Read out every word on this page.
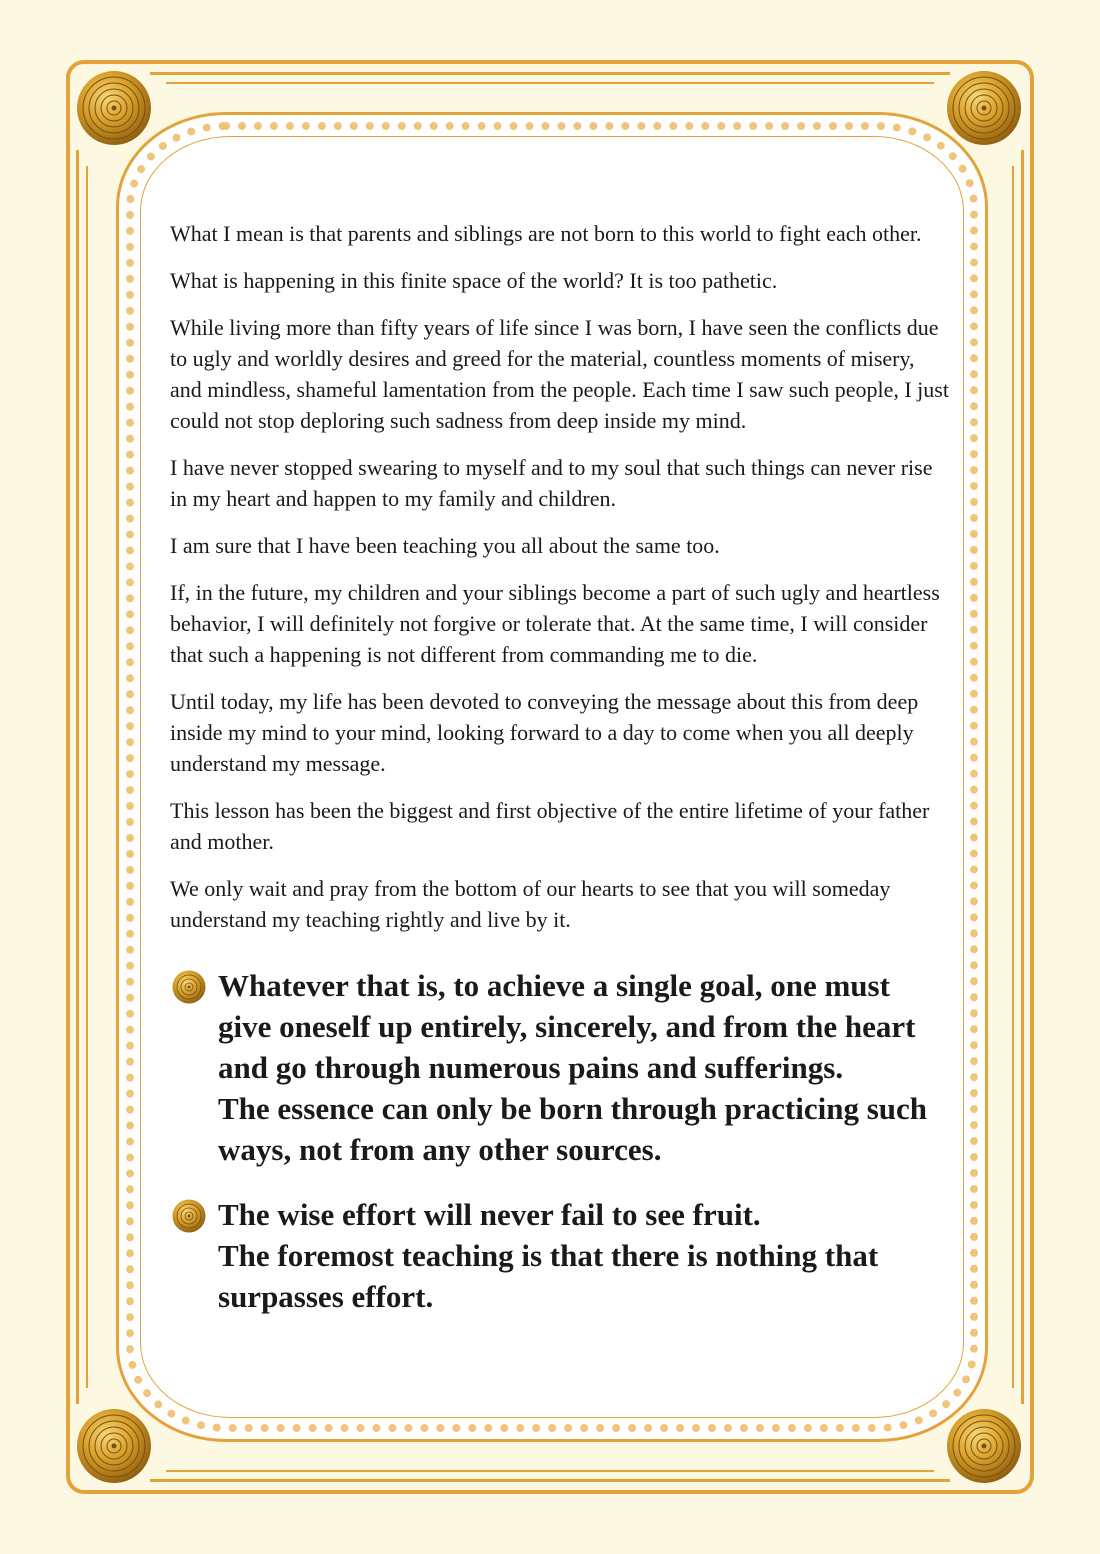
What I mean is that parents and siblings are not born to this world to fight each other.

What is happening in this finite space of the world? It is too pathetic.

While living more than fifty years of life since I was born, I have seen the conflicts due to ugly and worldly desires and greed for the material, countless moments of misery, and mindless, shameful lamentation from the people. Each time I saw such people, I just could not stop deploring such sadness from deep inside my mind.

I have never stopped swearing to myself and to my soul that such things can never rise in my heart and happen to my family and children.

I am sure that I have been teaching you all about the same too.

If, in the future, my children and your siblings become a part of such ugly and heartless behavior, I will definitely not forgive or tolerate that. At the same time, I will consider that such a happening is not different from commanding me to die.

Until today, my life has been devoted to conveying the message about this from deep inside my mind to your mind, looking forward to a day to come when you all deeply understand my message.

This lesson has been the biggest and first objective of the entire lifetime of your father and mother.

We only wait and pray from the bottom of our hearts to see that you will someday understand my teaching rightly and live by it.

Whatever that is, to achieve a single goal, one must
give oneself up entirely, sincerely, and from the heart
and go through numerous pains and sufferings.
The essence can only be born through practicing such
ways, not from any other sources.
The wise effort will never fail to see fruit.
The foremost teaching is that there is nothing that
surpasses effort.
